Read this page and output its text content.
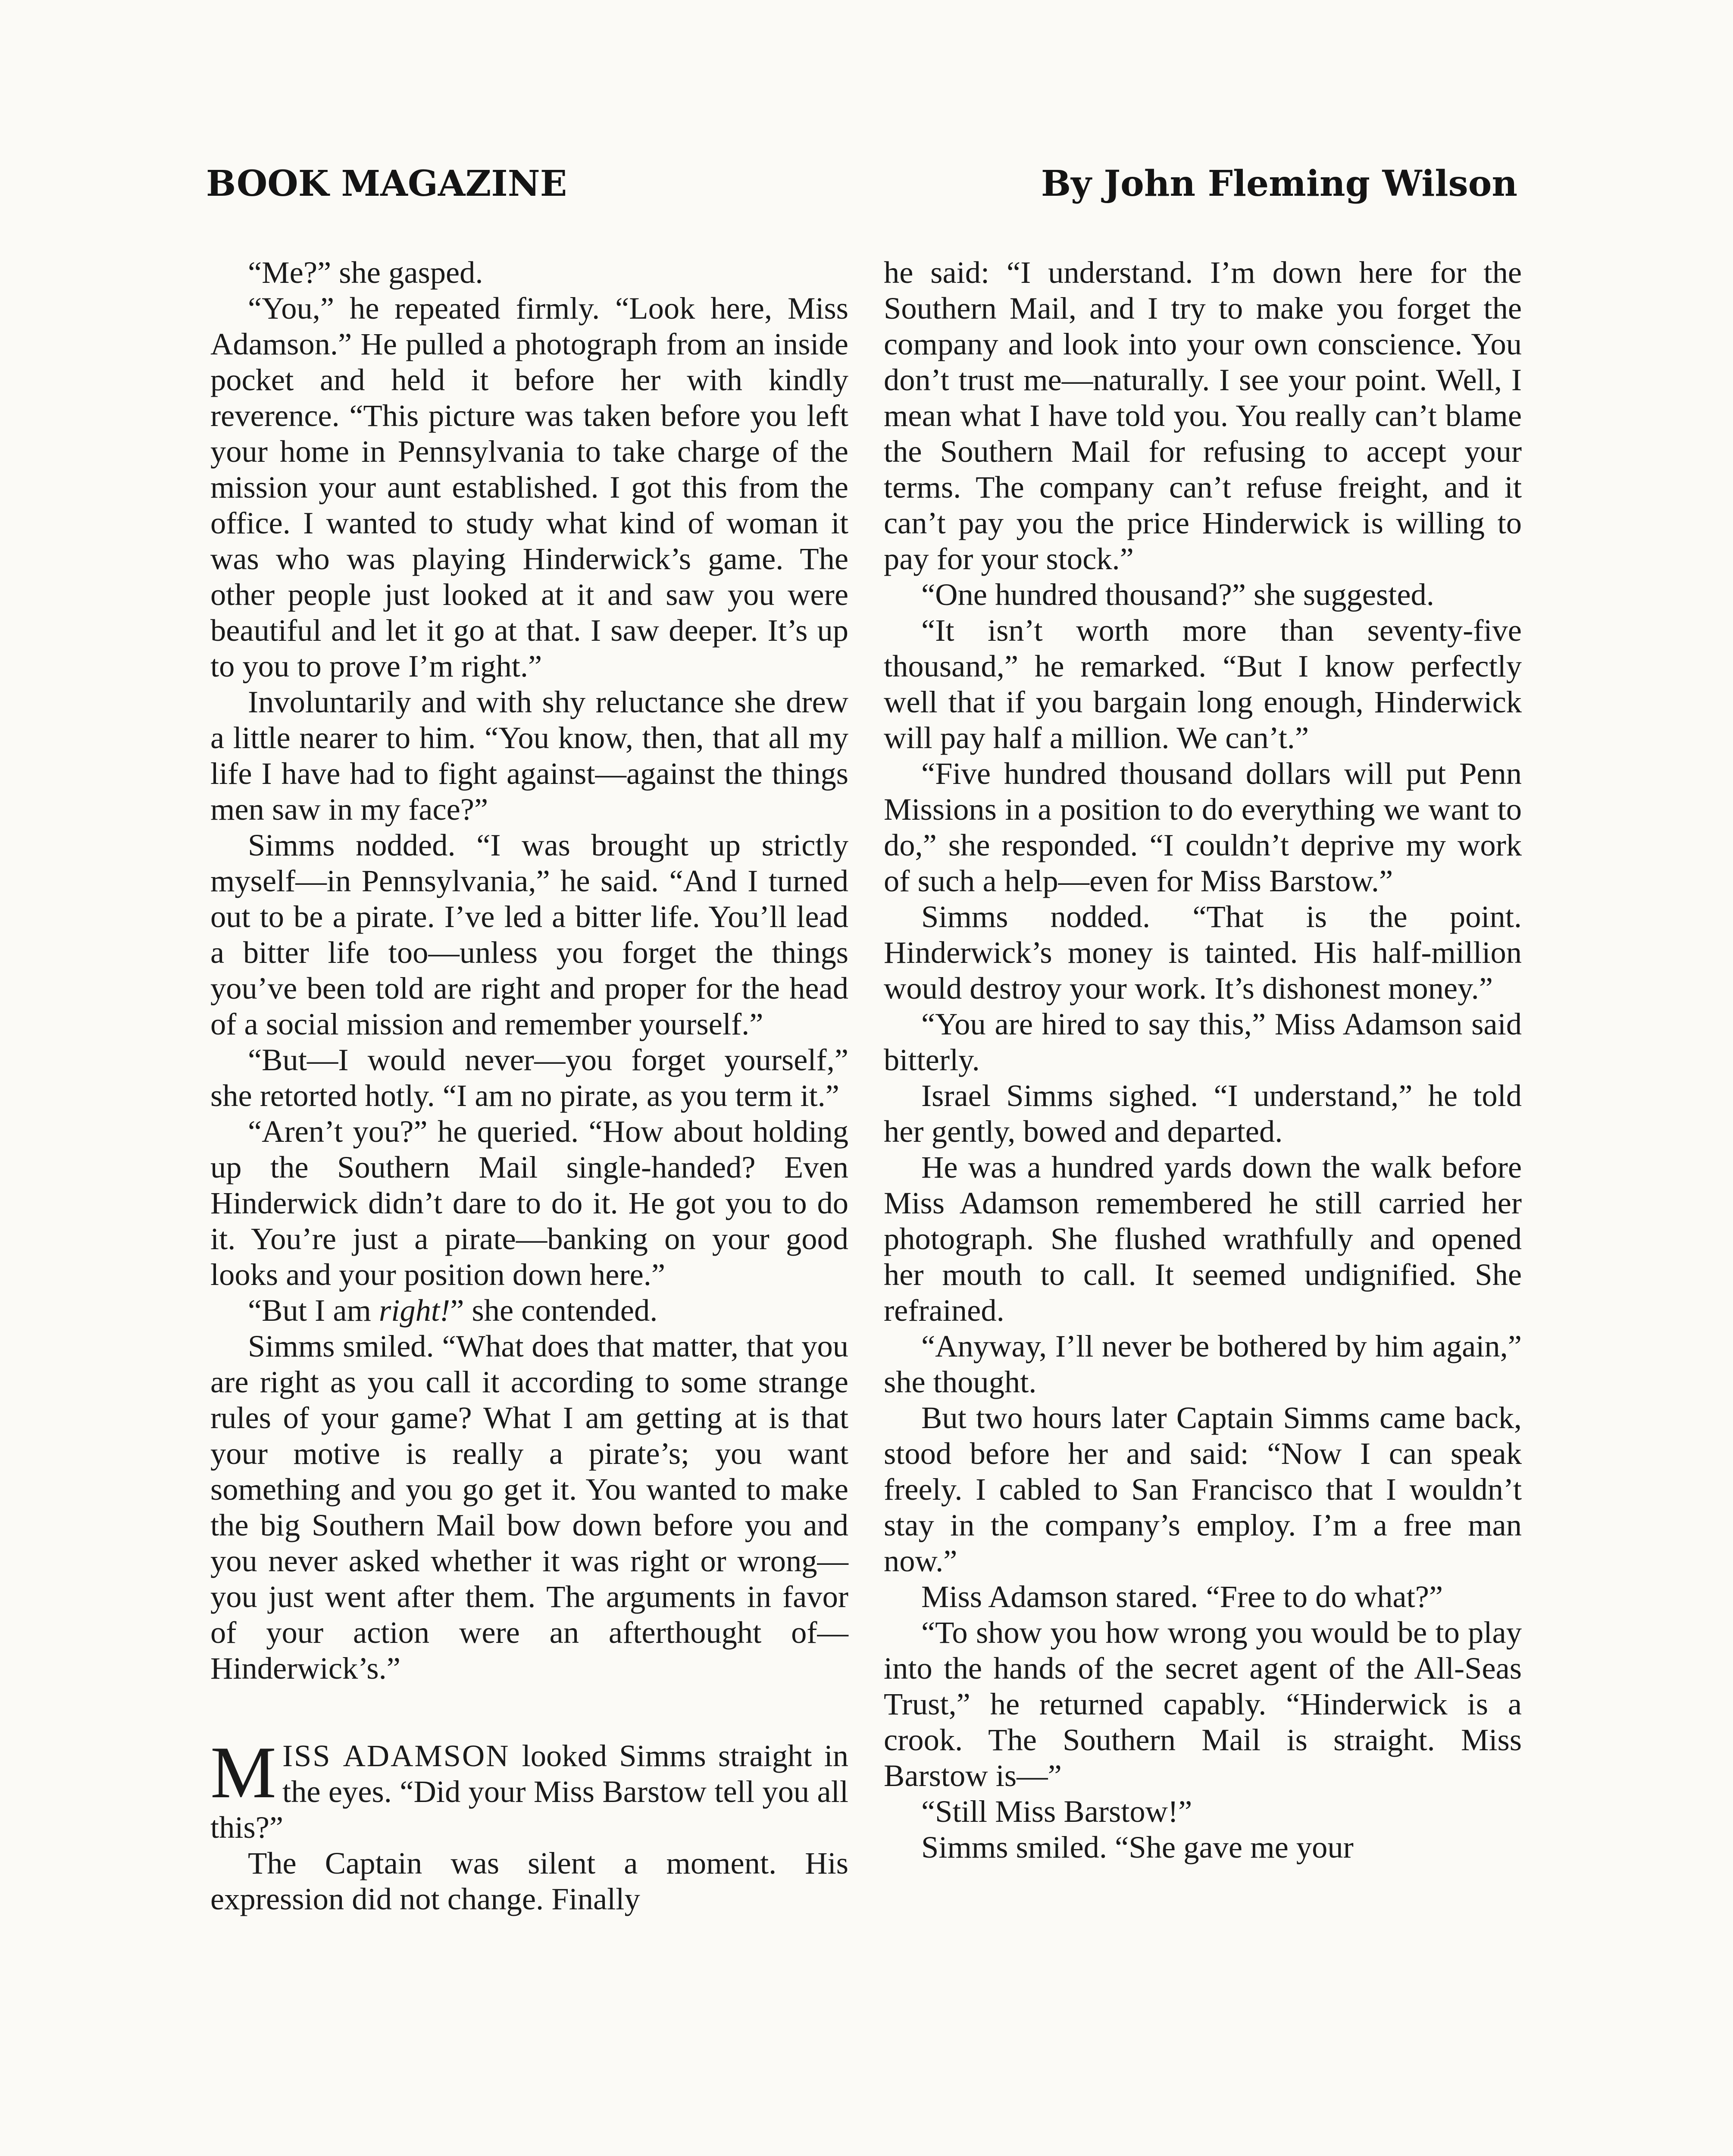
BOOK MAGAZINE	By John Fleming Wilson

“Me?” she gasped.

“You,” he repeated firmly. “Look here, Miss Adamson.” He pulled a photograph from an inside pocket and held it before her with kindly reverence. “This picture was taken before you left your home in Pennsylvania to take charge of the mission your aunt established. I got this from the office. I wanted to study what kind of woman it was who was playing Hinderwick’s game. The other people just looked at it and saw you were beautiful and let it go at that. I saw deeper. It’s up to you to prove I’m right.”

Involuntarily and with shy reluctance she drew a little nearer to him. “You know, then, that all my life I have had to fight against—against the things men saw in my face?”

Simms nodded. “I was brought up strictly myself—in Pennsylvania,” he said. “And I turned out to be a pirate. I’ve led a bitter life. You’ll lead a bitter life too—unless you forget the things you’ve been told are right and proper for the head of a social mission and remember yourself.”

“But—I would never—you forget yourself,” she retorted hotly. “I am no pirate, as you term it.”

“Aren’t you?” he queried. “How about holding up the Southern Mail single-handed? Even Hinderwick didn’t dare to do it. He got you to do it. You’re just a pirate—banking on your good looks and your position down here.”

“But I am right!” she contended.

Simms smiled. “What does that matter, that you are right as you call it according to some strange rules of your game? What I am getting at is that your motive is really a pirate’s; you want something and you go get it. You wanted to make the big Southern Mail bow down before you and you never asked whether it was right or wrong—you just went after them. The arguments in favor of your action were an afterthought of—Hinderwick’s.”

MISS ADAMSON looked Simms straight in the eyes. “Did your Miss Barstow tell you all this?”

The Captain was silent a moment. His expression did not change. Finally

he said: “I understand. I’m down here for the Southern Mail, and I try to make you forget the company and look into your own conscience. You don’t trust me—naturally. I see your point. Well, I mean what I have told you. You really can’t blame the Southern Mail for refusing to accept your terms. The company can’t refuse freight, and it can’t pay you the price Hinderwick is willing to pay for your stock.”

“One hundred thousand?” she suggested.

“It isn’t worth more than seventy-five thousand,” he remarked. “But I know perfectly well that if you bargain long enough, Hinderwick will pay half a million. We can’t.”

“Five hundred thousand dollars will put Penn Missions in a position to do everything we want to do,” she responded. “I couldn’t deprive my work of such a help—even for Miss Barstow.”

Simms nodded. “That is the point. Hinderwick’s money is tainted. His half-million would destroy your work. It’s dishonest money.”

“You are hired to say this,” Miss Adamson said bitterly.

Israel Simms sighed. “I understand,” he told her gently, bowed and departed.

He was a hundred yards down the walk before Miss Adamson remembered he still carried her photograph. She flushed wrathfully and opened her mouth to call. It seemed undignified. She refrained.

“Anyway, I’ll never be bothered by him again,” she thought.

But two hours later Captain Simms came back, stood before her and said: “Now I can speak freely. I cabled to San Francisco that I wouldn’t stay in the company’s employ. I’m a free man now.”

Miss Adamson stared. “Free to do what?”

“To show you how wrong you would be to play into the hands of the secret agent of the All-Seas Trust,” he returned capably. “Hinderwick is a crook. The Southern Mail is straight. Miss Barstow is—”

“Still Miss Barstow!”

Simms smiled. “She gave me your
